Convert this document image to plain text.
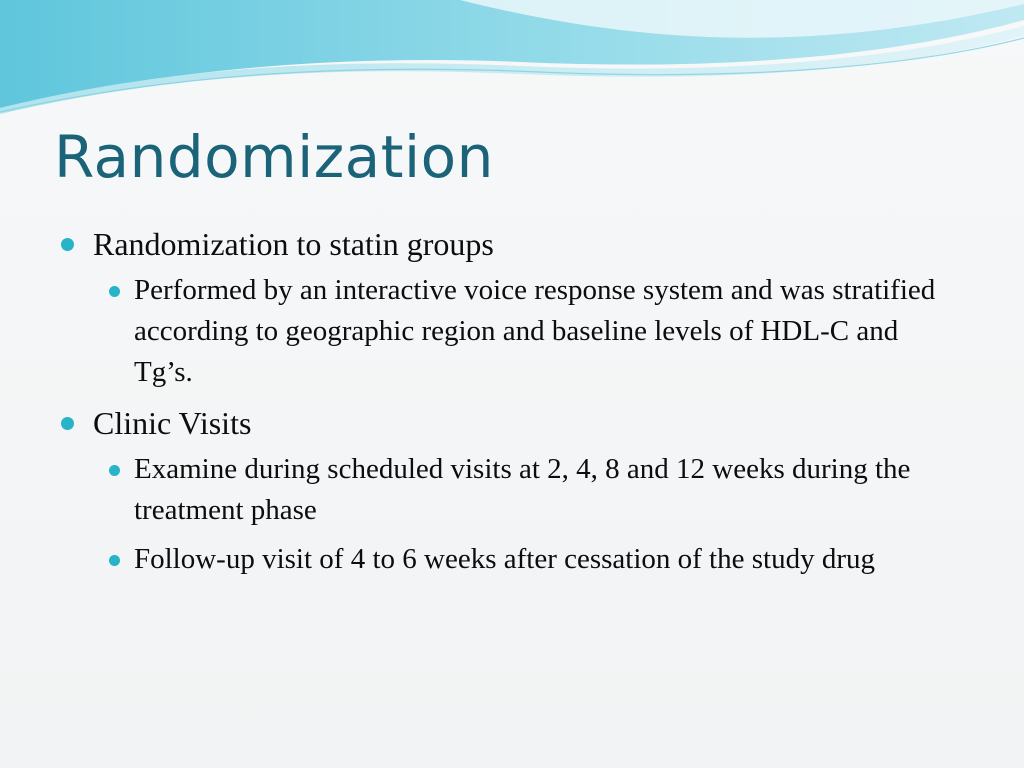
Randomization
Randomization to statin groups
Performed by an interactive voice response system and was stratified according to geographic region and baseline levels of HDL-C and Tg’s.
Clinic Visits
Examine during scheduled visits at 2, 4, 8 and 12 weeks during the treatment phase
Follow-up visit of 4 to 6 weeks after cessation of the study drug
